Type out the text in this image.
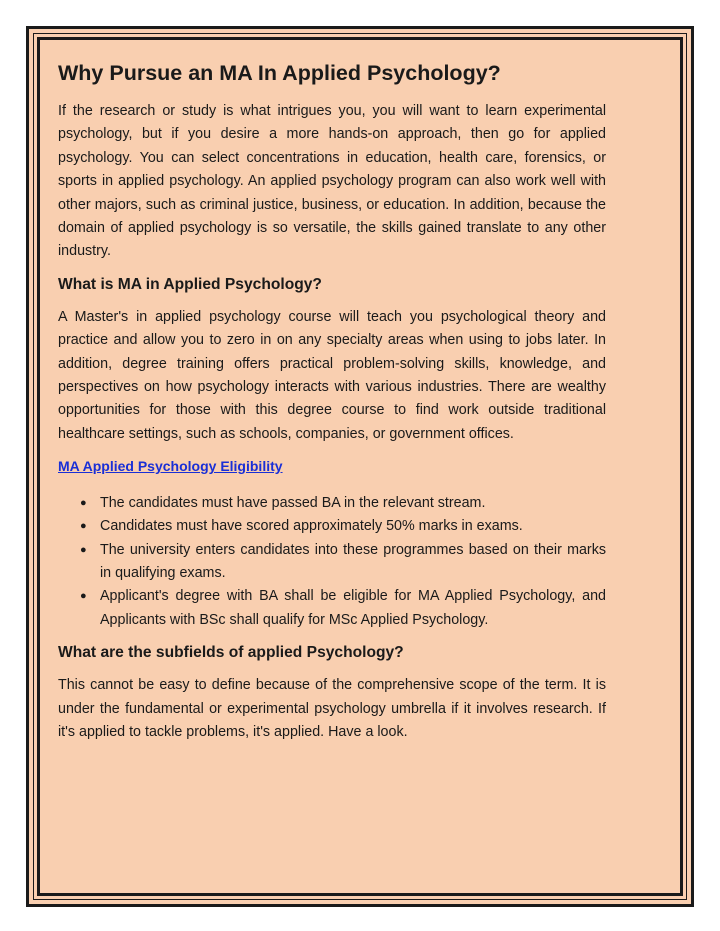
Why Pursue an MA In Applied Psychology?

If the research or study is what intrigues you, you will want to learn experimental psychology, but if you desire a more hands-on approach, then go for applied psychology. You can select concentrations in education, health care, forensics, or sports in applied psychology. An applied psychology program can also work well with other majors, such as criminal justice, business, or education. In addition, because the domain of applied psychology is so versatile, the skills gained translate to any other industry.

What is MA in Applied Psychology?

A Master's in applied psychology course will teach you psychological theory and practice and allow you to zero in on any specialty areas when using to jobs later. In addition, degree training offers practical problem-solving skills, knowledge, and perspectives on how psychology interacts with various industries. There are wealthy opportunities for those with this degree course to find work outside traditional healthcare settings, such as schools, companies, or government offices.

MA Applied Psychology Eligibility
● The candidates must have passed BA in the relevant stream.
● Candidates must have scored approximately 50% marks in exams.
● The university enters candidates into these programmes based on their marks in qualifying exams.
● Applicant's degree with BA shall be eligible for MA Applied Psychology, and Applicants with BSc shall qualify for MSc Applied Psychology.
What are the subfields of applied Psychology?

This cannot be easy to define because of the comprehensive scope of the term. It is under the fundamental or experimental psychology umbrella if it involves research. If it's applied to tackle problems, it's applied. Have a look.
